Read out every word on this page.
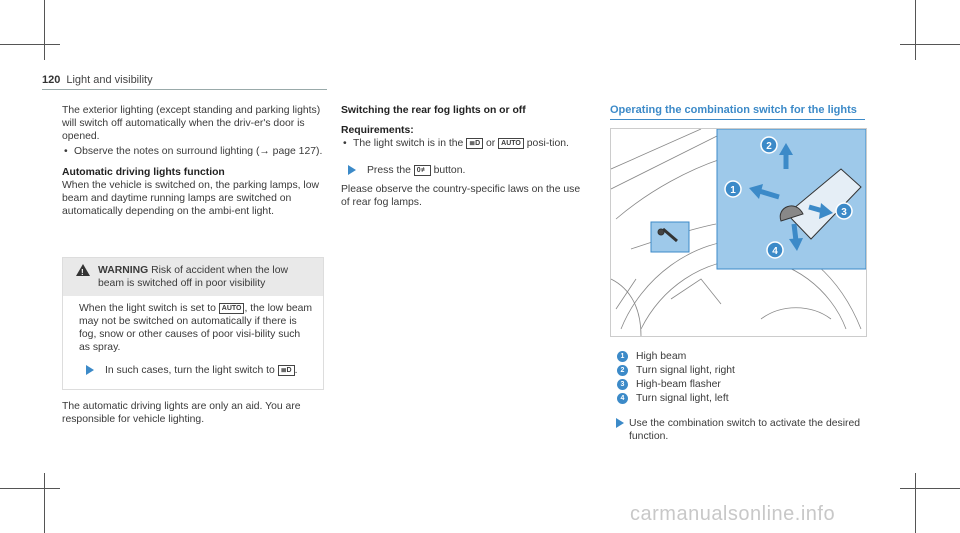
120 Light and visibility

The exterior lighting (except standing and parking lights) will switch off automatically when the driv-er's door is opened.

• Observe the notes on surround lighting (→ page 127).

Automatic driving lights function

When the vehicle is switched on, the parking lamps, low beam and daytime running lamps are switched on automatically depending on the ambi-ent light.

! WARNING Risk of accident when the low beam is switched off in poor visibility
When the light switch is set to AUTO , the low beam may not be switched on automatically if there is fog, snow or other causes of poor visi-bility such as spray.
In such cases, turn the light switch to ≣D .

The automatic driving lights are only an aid. You are responsible for vehicle lighting.

Switching the rear fog lights on or off

Requirements:

• The light switch is in the ≣D or AUTO posi-tion.
Press the 0≢ button.

Please observe the country-specific laws on the use of rear fog lamps.

Operating the combination switch for the lights
1
2
3
4
1 High beam
2 Turn signal light, right
3 High-beam flasher
4 Turn signal light, left
Use the combination switch to activate the desired function.
carmanualsonline.info
